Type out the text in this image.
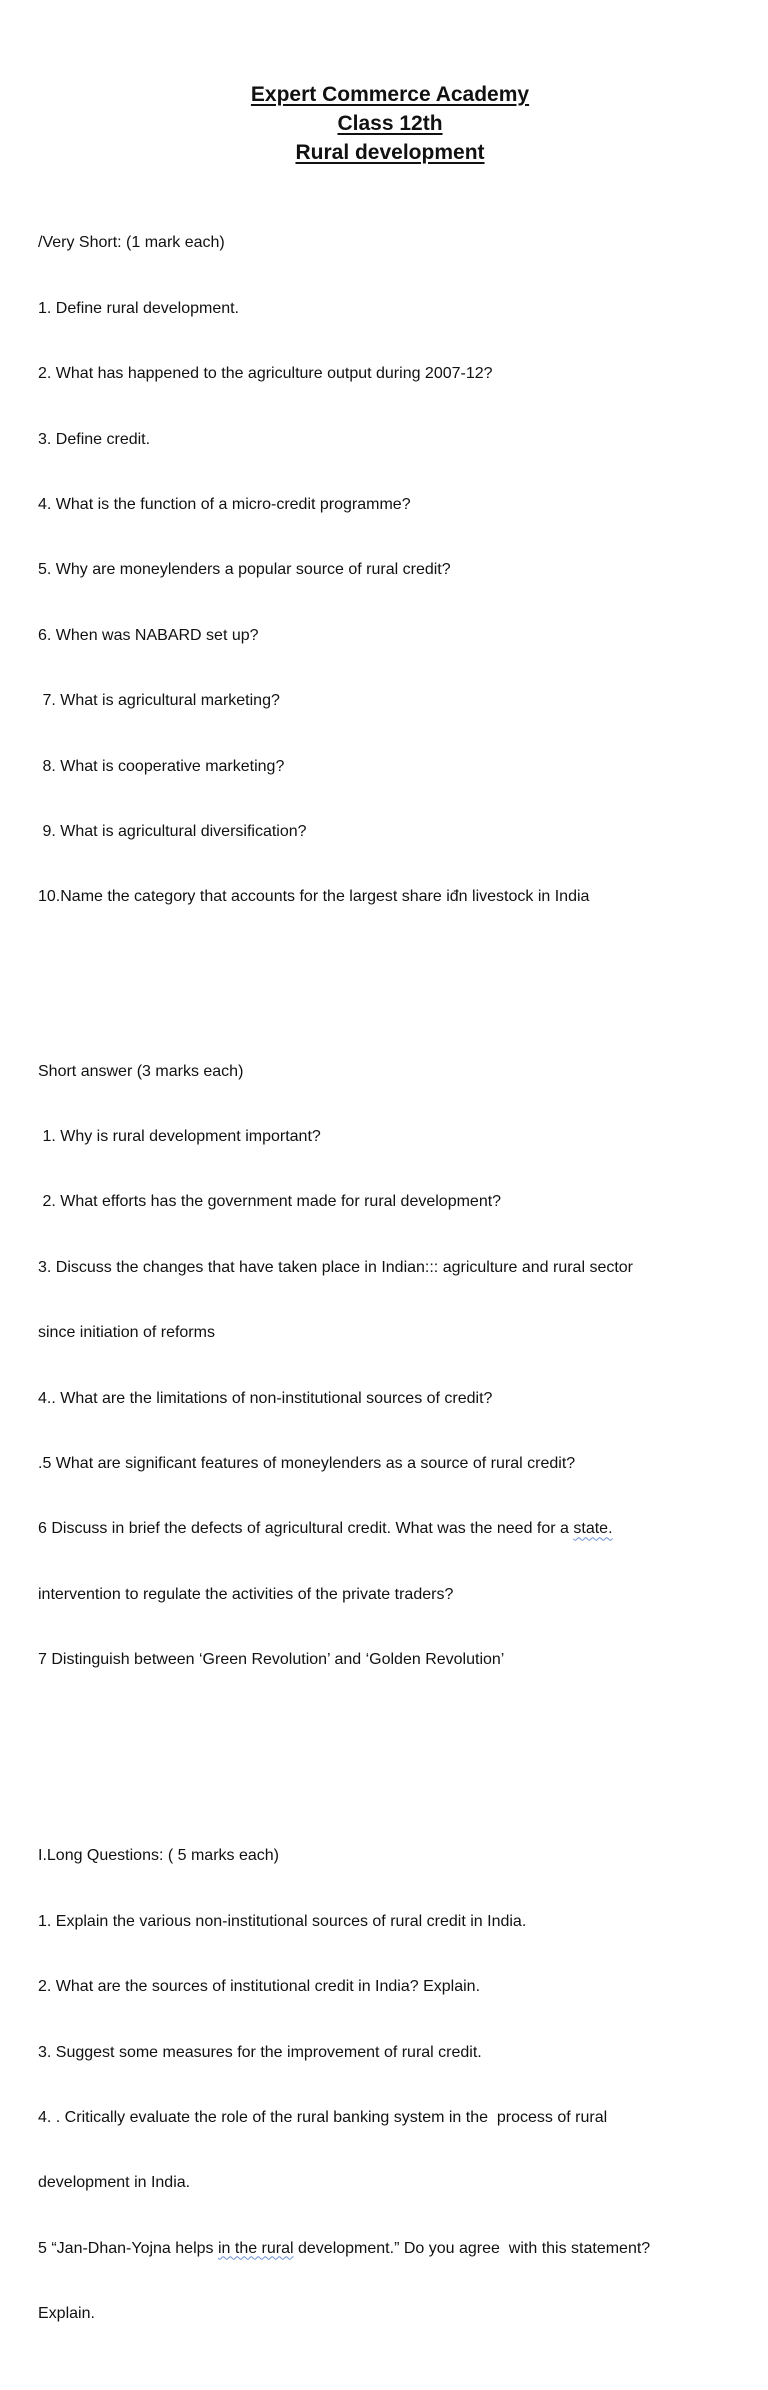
Expert Commerce Academy
Class 12th
Rural development

/Very Short: (1 mark each)

1. Define rural development.

2. What has happened to the agriculture output during 2007-12?

3. Define credit.

4. What is the function of a micro-credit programme?

5. Why are moneylenders a popular source of rural credit?

6. When was NABARD set up?

7. What is agricultural marketing?

8. What is cooperative marketing?

9. What is agricultural diversification?

10.Name the category that accounts for the largest share iđn livestock in India

Short answer (3 marks each)

1. Why is rural development important?

2. What efforts has the government made for rural development?

3. Discuss the changes that have taken place in Indian::: agriculture and rural sector

since initiation of reforms

4.. What are the limitations of non-institutional sources of credit?

.5 What are significant features of moneylenders as a source of rural credit?

6 Discuss in brief the defects of agricultural credit. What was the need for a state.

intervention to regulate the activities of the private traders?

7 Distinguish between ‘Green Revolution’ and ‘Golden Revolution’

I.Long Questions: ( 5 marks each)

1. Explain the various non-institutional sources of rural credit in India.

2. What are the sources of institutional credit in India? Explain.

3. Suggest some measures for the improvement of rural credit.

4. . Critically evaluate the role of the rural banking system in the  process of rural

development in India.

5 “Jan-Dhan-Yojna helps in the rural development.” Do you agree  with this statement?

Explain.
